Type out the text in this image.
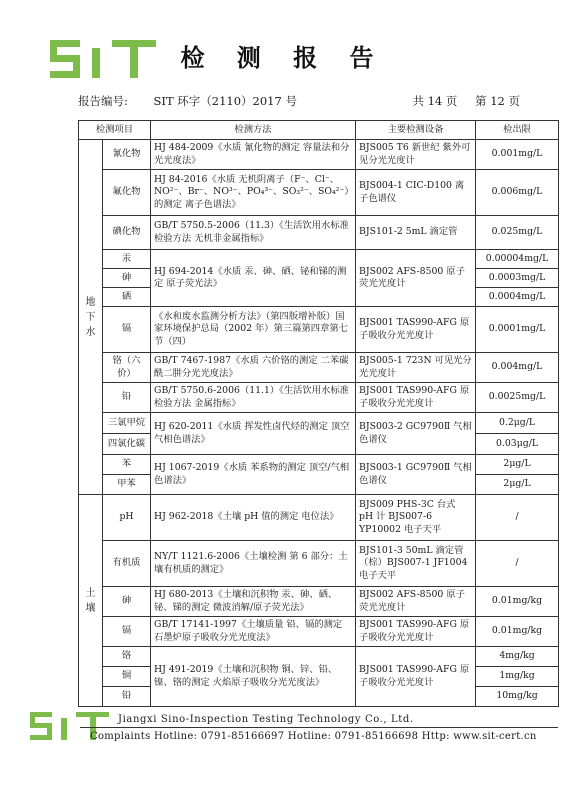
检 测 报 告
报告编号: SIT 环字（2110）2017 号	共 14 页 第 12 页
检测项目		检测方法	主要检测设备	检出限
地下水	氰化物	HJ 484-2009《水质 氰化物的测定 容量法和分光光度法》	BJS005 T6 新世纪 紫外可见分光光度计	0.001mg/L
	氟化物	HJ 84-2016《水质 无机阴离子（F⁻、Cl⁻、NO²⁻、Br⁻、NO³⁻、PO₄³⁻、SO₃²⁻、SO₄²⁻）的测定 离子色谱法》	BJS004-1 CIC-D100 离子色谱仪	0.006mg/L
	碘化物	GB/T 5750.5-2006（11.3）《生活饮用水标准检验方法 无机非金属指标》	BJS101-2 5mL 滴定管	0.025mg/L
	汞	HJ 694-2014《水质 汞、砷、硒、铋和锑的测定 原子荧光法》	BJS002 AFS-8500 原子荧光光度计	0.00004mg/L
	砷			0.0003mg/L
	硒			0.0004mg/L
	镉	《水和废水监测分析方法》（第四版增补版）国家环境保护总局（2002 年）第三篇第四章第七节（四）	BJS001 TAS990-AFG 原子吸收分光光度计	0.0001mg/L
	铬（六价）	GB/T 7467-1987《水质 六价铬的测定 二苯碳酰二肼分光光度法》	BJS005-1 723N 可见光分光光度计	0.004mg/L
	铅	GB/T 5750.6-2006（11.1）《生活饮用水标准检验方法 金属指标》	BJS001 TAS990-AFG 原子吸收分光光度计	0.0025mg/L
	三氯甲烷	HJ 620-2011《水质 挥发性卤代烃的测定 顶空气相色谱法》	BJS003-2 GC9790Ⅱ 气相色谱仪	0.2μg/L
	四氯化碳			0.03μg/L
	苯	HJ 1067-2019《水质 苯系物的测定 顶空/气相色谱法》	BJS003-1 GC9790Ⅱ 气相色谱仪	2μg/L
	甲苯			2μg/L
土壤	pH	HJ 962-2018《土壤 pH 值的测定 电位法》	BJS009 PHS-3C 台式 pH 计 BJS007-6 YP10002 电子天平	/
	有机质	NY/T 1121.6-2006《土壤检测 第 6 部分：土壤有机质的测定》	BJS101-3 50mL 滴定管（棕）BJS007-1 JF1004 电子天平	/
	砷	HJ 680-2013《土壤和沉积物 汞、砷、硒、铋、锑的测定 微波消解/原子荧光法》	BJS002 AFS-8500 原子荧光光度计	0.01mg/kg
	镉	GB/T 17141-1997《土壤质量 铅、镉的测定 石墨炉原子吸收分光光度法》	BJS001 TAS990-AFG 原子吸收分光光度计	0.01mg/kg
	铬	HJ 491-2019《土壤和沉积物 铜、锌、铅、镍、铬的测定 火焰原子吸收分光光度法》	BJS001 TAS990-AFG 原子吸收分光光度计	4mg/kg
	铜			1mg/kg
	铅			10mg/kg
Jiangxi Sino-Inspection Testing Technology Co., Ltd.
Complaints Hotline: 0791-85166697 Hotline: 0791-85166698 Http: www.sit-cert.cn
